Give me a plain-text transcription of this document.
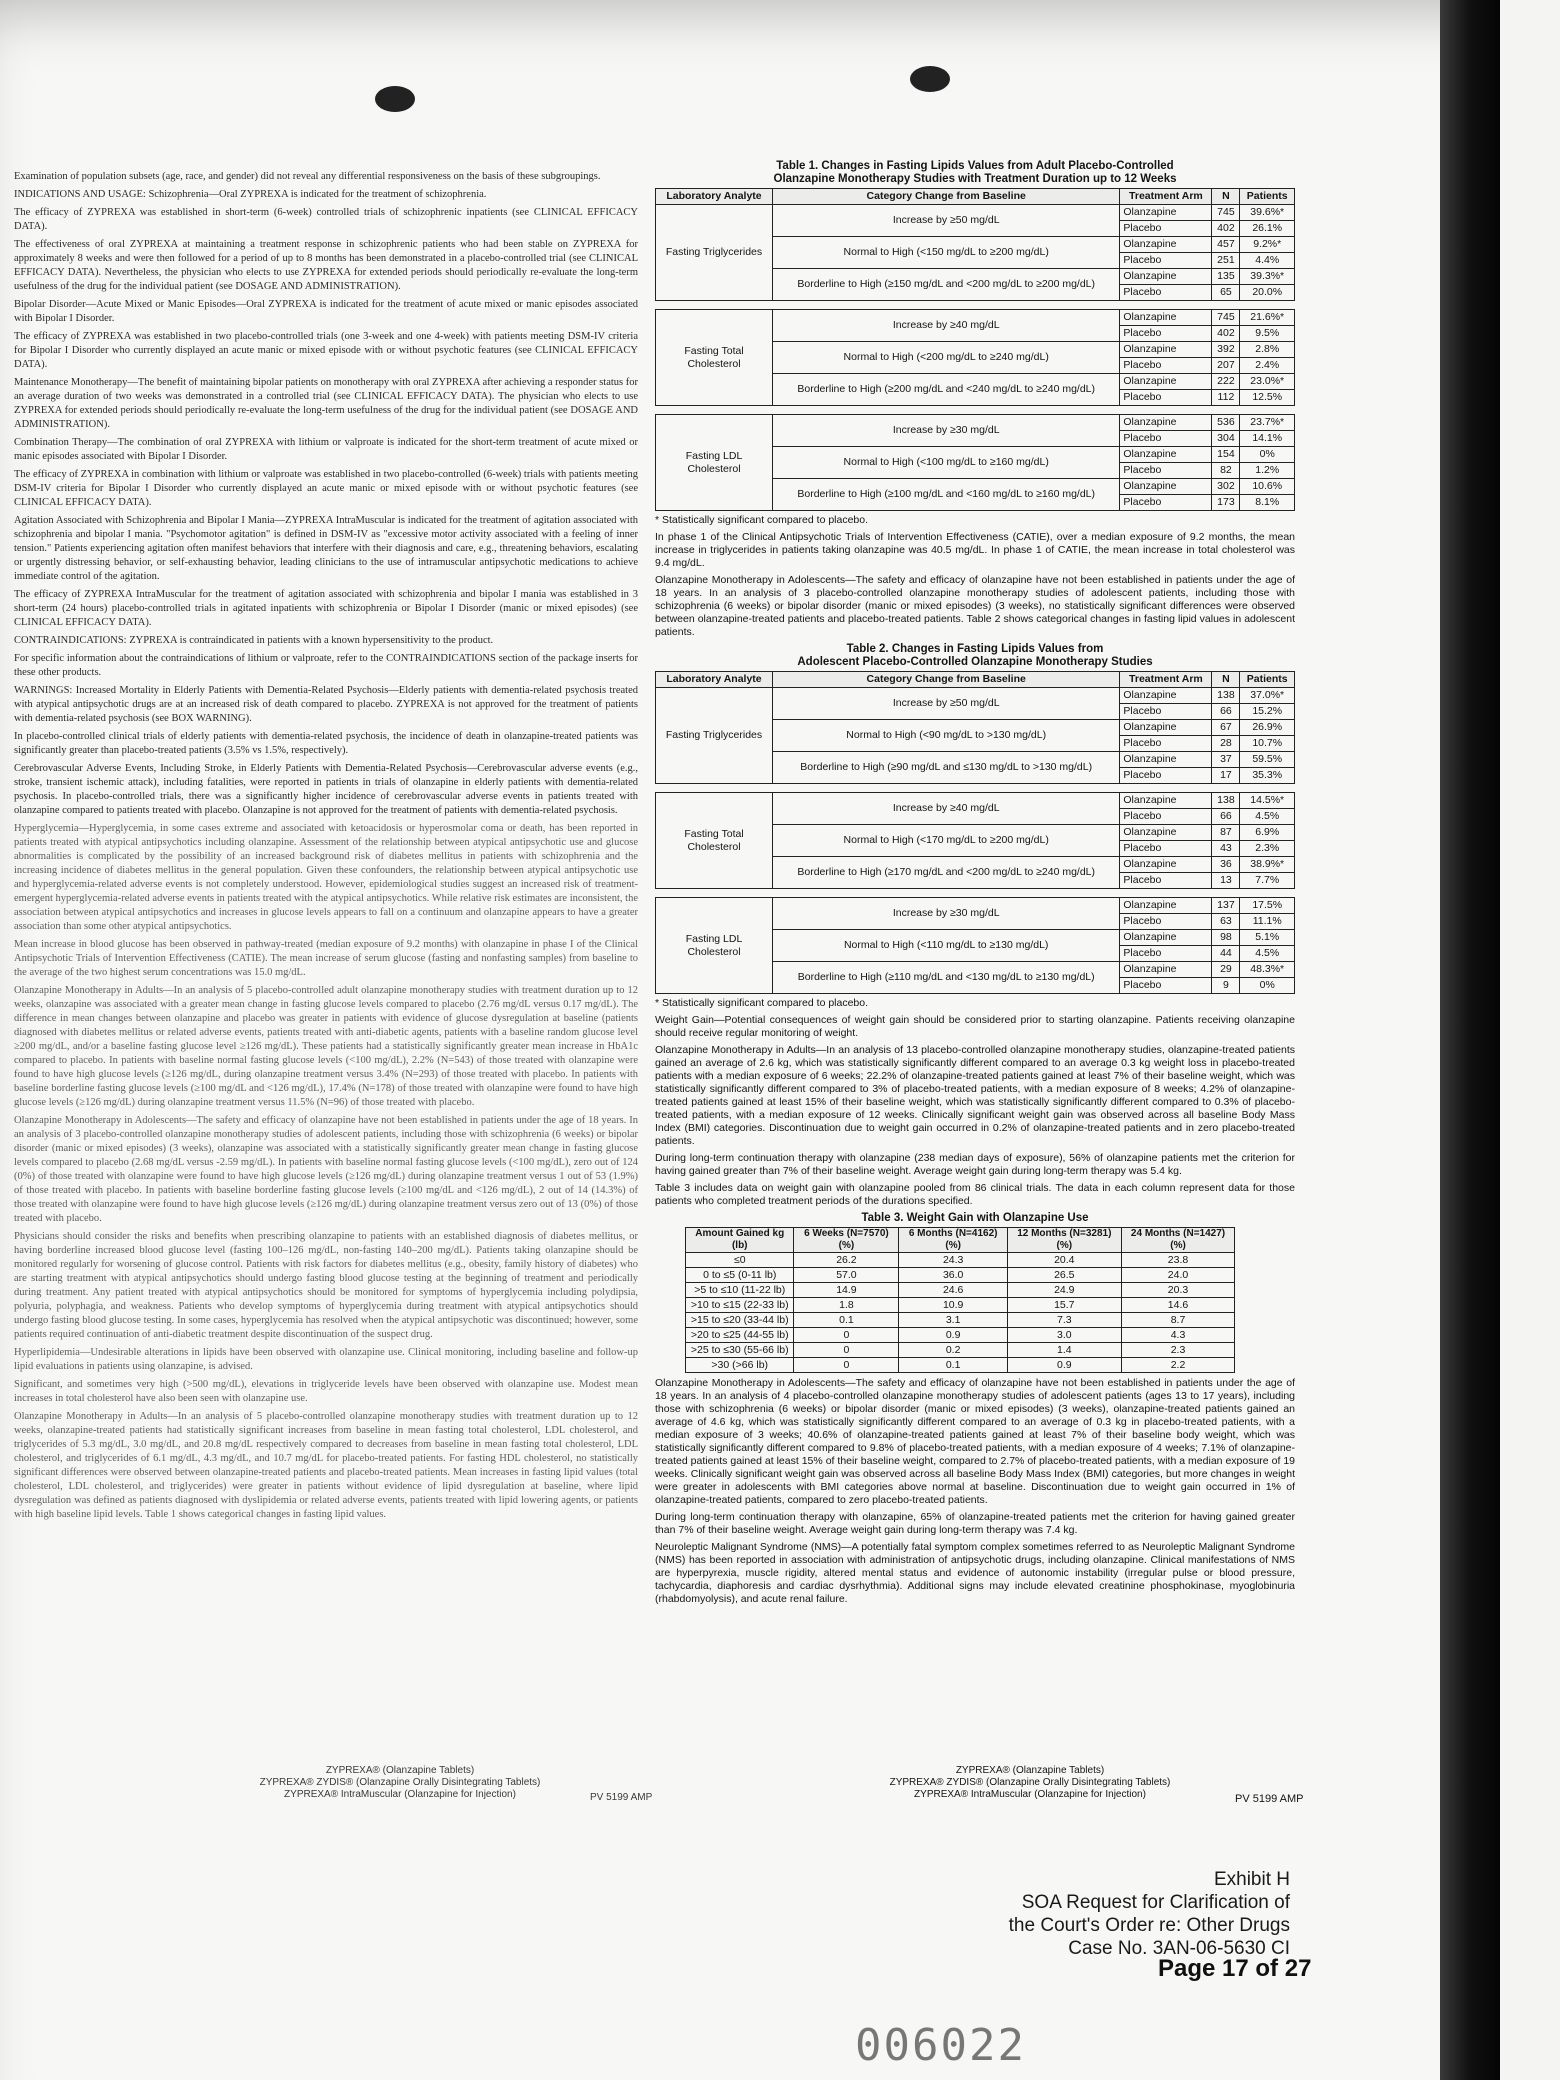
Examination of population subsets (age, race, and gender) did not reveal any differential responsiveness on the basis of these subgroupings.

INDICATIONS AND USAGE: Schizophrenia—Oral ZYPREXA is indicated for the treatment of schizophrenia.

The efficacy of ZYPREXA was established in short-term (6-week) controlled trials of schizophrenic inpatients (see CLINICAL EFFICACY DATA).

The effectiveness of oral ZYPREXA at maintaining a treatment response in schizophrenic patients who had been stable on ZYPREXA for approximately 8 weeks and were then followed for a period of up to 8 months has been demonstrated in a placebo-controlled trial (see CLINICAL EFFICACY DATA). Nevertheless, the physician who elects to use ZYPREXA for extended periods should periodically re-evaluate the long-term usefulness of the drug for the individual patient (see DOSAGE AND ADMINISTRATION).

Bipolar Disorder—Acute Mixed or Manic Episodes—Oral ZYPREXA is indicated for the treatment of acute mixed or manic episodes associated with Bipolar I Disorder.

The efficacy of ZYPREXA was established in two placebo-controlled trials (one 3-week and one 4-week) with patients meeting DSM-IV criteria for Bipolar I Disorder who currently displayed an acute manic or mixed episode with or without psychotic features (see CLINICAL EFFICACY DATA).

Maintenance Monotherapy—The benefit of maintaining bipolar patients on monotherapy with oral ZYPREXA after achieving a responder status for an average duration of two weeks was demonstrated in a controlled trial (see CLINICAL EFFICACY DATA). The physician who elects to use ZYPREXA for extended periods should periodically re-evaluate the long-term usefulness of the drug for the individual patient (see DOSAGE AND ADMINISTRATION).

Combination Therapy—The combination of oral ZYPREXA with lithium or valproate is indicated for the short-term treatment of acute mixed or manic episodes associated with Bipolar I Disorder.

The efficacy of ZYPREXA in combination with lithium or valproate was established in two placebo-controlled (6-week) trials with patients meeting DSM-IV criteria for Bipolar I Disorder who currently displayed an acute manic or mixed episode with or without psychotic features (see CLINICAL EFFICACY DATA).

Agitation Associated with Schizophrenia and Bipolar I Mania—ZYPREXA IntraMuscular is indicated for the treatment of agitation associated with schizophrenia and bipolar I mania. "Psychomotor agitation" is defined in DSM-IV as "excessive motor activity associated with a feeling of inner tension." Patients experiencing agitation often manifest behaviors that interfere with their diagnosis and care, e.g., threatening behaviors, escalating or urgently distressing behavior, or self-exhausting behavior, leading clinicians to the use of intramuscular antipsychotic medications to achieve immediate control of the agitation.

The efficacy of ZYPREXA IntraMuscular for the treatment of agitation associated with schizophrenia and bipolar I mania was established in 3 short-term (24 hours) placebo-controlled trials in agitated inpatients with schizophrenia or Bipolar I Disorder (manic or mixed episodes) (see CLINICAL EFFICACY DATA).

CONTRAINDICATIONS: ZYPREXA is contraindicated in patients with a known hypersensitivity to the product.

For specific information about the contraindications of lithium or valproate, refer to the CONTRAINDICATIONS section of the package inserts for these other products.

WARNINGS: Increased Mortality in Elderly Patients with Dementia-Related Psychosis—Elderly patients with dementia-related psychosis treated with atypical antipsychotic drugs are at an increased risk of death compared to placebo. ZYPREXA is not approved for the treatment of patients with dementia-related psychosis (see BOX WARNING).

In placebo-controlled clinical trials of elderly patients with dementia-related psychosis, the incidence of death in olanzapine-treated patients was significantly greater than placebo-treated patients (3.5% vs 1.5%, respectively).

Cerebrovascular Adverse Events, Including Stroke, in Elderly Patients with Dementia-Related Psychosis—Cerebrovascular adverse events (e.g., stroke, transient ischemic attack), including fatalities, were reported in patients in trials of olanzapine in elderly patients with dementia-related psychosis. In placebo-controlled trials, there was a significantly higher incidence of cerebrovascular adverse events in patients treated with olanzapine compared to patients treated with placebo. Olanzapine is not approved for the treatment of patients with dementia-related psychosis.

Hyperglycemia—Hyperglycemia, in some cases extreme and associated with ketoacidosis or hyperosmolar coma or death, has been reported in patients treated with atypical antipsychotics including olanzapine. Assessment of the relationship between atypical antipsychotic use and glucose abnormalities is complicated by the possibility of an increased background risk of diabetes mellitus in patients with schizophrenia and the increasing incidence of diabetes mellitus in the general population. Given these confounders, the relationship between atypical antipsychotic use and hyperglycemia-related adverse events is not completely understood. However, epidemiological studies suggest an increased risk of treatment-emergent hyperglycemia-related adverse events in patients treated with the atypical antipsychotics. While relative risk estimates are inconsistent, the association between atypical antipsychotics and increases in glucose levels appears to fall on a continuum and olanzapine appears to have a greater association than some other atypical antipsychotics.

Mean increase in blood glucose has been observed in pathway-treated (median exposure of 9.2 months) with olanzapine in phase I of the Clinical Antipsychotic Trials of Intervention Effectiveness (CATIE). The mean increase of serum glucose (fasting and nonfasting samples) from baseline to the average of the two highest serum concentrations was 15.0 mg/dL.

Olanzapine Monotherapy in Adults—In an analysis of 5 placebo-controlled adult olanzapine monotherapy studies with treatment duration up to 12 weeks, olanzapine was associated with a greater mean change in fasting glucose levels compared to placebo (2.76 mg/dL versus 0.17 mg/dL). The difference in mean changes between olanzapine and placebo was greater in patients with evidence of glucose dysregulation at baseline (patients diagnosed with diabetes mellitus or related adverse events, patients treated with anti-diabetic agents, patients with a baseline random glucose level ≥200 mg/dL, and/or a baseline fasting glucose level ≥126 mg/dL). These patients had a statistically significantly greater mean increase in HbA1c compared to placebo. In patients with baseline normal fasting glucose levels (<100 mg/dL), 2.2% (N=543) of those treated with olanzapine were found to have high glucose levels (≥126 mg/dL, during olanzapine treatment versus 3.4% (N=293) of those treated with placebo. In patients with baseline borderline fasting glucose levels (≥100 mg/dL and <126 mg/dL), 17.4% (N=178) of those treated with olanzapine were found to have high glucose levels (≥126 mg/dL) during olanzapine treatment versus 11.5% (N=96) of those treated with placebo.

Olanzapine Monotherapy in Adolescents—The safety and efficacy of olanzapine have not been established in patients under the age of 18 years. In an analysis of 3 placebo-controlled olanzapine monotherapy studies of adolescent patients, including those with schizophrenia (6 weeks) or bipolar disorder (manic or mixed episodes) (3 weeks), olanzapine was associated with a statistically significantly greater mean change in fasting glucose levels compared to placebo (2.68 mg/dL versus -2.59 mg/dL). In patients with baseline normal fasting glucose levels (<100 mg/dL), zero out of 124 (0%) of those treated with olanzapine were found to have high glucose levels (≥126 mg/dL) during olanzapine treatment versus 1 out of 53 (1.9%) of those treated with placebo. In patients with baseline borderline fasting glucose levels (≥100 mg/dL and <126 mg/dL), 2 out of 14 (14.3%) of those treated with olanzapine were found to have high glucose levels (≥126 mg/dL) during olanzapine treatment versus zero out of 13 (0%) of those treated with placebo.

Physicians should consider the risks and benefits when prescribing olanzapine to patients with an established diagnosis of diabetes mellitus, or having borderline increased blood glucose level (fasting 100–126 mg/dL, non-fasting 140–200 mg/dL). Patients taking olanzapine should be monitored regularly for worsening of glucose control. Patients with risk factors for diabetes mellitus (e.g., obesity, family history of diabetes) who are starting treatment with atypical antipsychotics should undergo fasting blood glucose testing at the beginning of treatment and periodically during treatment. Any patient treated with atypical antipsychotics should be monitored for symptoms of hyperglycemia including polydipsia, polyuria, polyphagia, and weakness. Patients who develop symptoms of hyperglycemia during treatment with atypical antipsychotics should undergo fasting blood glucose testing. In some cases, hyperglycemia has resolved when the atypical antipsychotic was discontinued; however, some patients required continuation of anti-diabetic treatment despite discontinuation of the suspect drug.

Hyperlipidemia—Undesirable alterations in lipids have been observed with olanzapine use. Clinical monitoring, including baseline and follow-up lipid evaluations in patients using olanzapine, is advised.

Significant, and sometimes very high (>500 mg/dL), elevations in triglyceride levels have been observed with olanzapine use. Modest mean increases in total cholesterol have also been seen with olanzapine use.

Olanzapine Monotherapy in Adults—In an analysis of 5 placebo-controlled olanzapine monotherapy studies with treatment duration up to 12 weeks, olanzapine-treated patients had statistically significant increases from baseline in mean fasting total cholesterol, LDL cholesterol, and triglycerides of 5.3 mg/dL, 3.0 mg/dL, and 20.8 mg/dL respectively compared to decreases from baseline in mean fasting total cholesterol, LDL cholesterol, and triglycerides of 6.1 mg/dL, 4.3 mg/dL, and 10.7 mg/dL for placebo-treated patients. For fasting HDL cholesterol, no statistically significant differences were observed between olanzapine-treated patients and placebo-treated patients. Mean increases in fasting lipid values (total cholesterol, LDL cholesterol, and triglycerides) were greater in patients without evidence of lipid dysregulation at baseline, where lipid dysregulation was defined as patients diagnosed with dyslipidemia or related adverse events, patients treated with lipid lowering agents, or patients with high baseline lipid levels. Table 1 shows categorical changes in fasting lipid values.

ZYPREXA® (Olanzapine Tablets)
ZYPREXA® ZYDIS® (Olanzapine Orally Disintegrating Tablets)
ZYPREXA® IntraMuscular (Olanzapine for Injection)	PV 5199 AMP
Table 1. Changes in Fasting Lipids Values from Adult Placebo-Controlled
Olanzapine Monotherapy Studies with Treatment Duration up to 12 Weeks
Laboratory Analyte	Category Change from Baseline	Treatment Arm	N	Patients
Fasting Triglycerides	Increase by ≥50 mg/dL	Olanzapine	745	39.6%*
		Placebo	402	26.1%
	Normal to High (<150 mg/dL to ≥200 mg/dL)	Olanzapine	457	9.2%*
		Placebo	251	4.4%
	Borderline to High (≥150 mg/dL and <200 mg/dL to ≥200 mg/dL)	Olanzapine	135	39.3%*
		Placebo	65	20.0%

Fasting Total Cholesterol	Increase by ≥40 mg/dL	Olanzapine	745	21.6%*
		Placebo	402	9.5%
	Normal to High (<200 mg/dL to ≥240 mg/dL)	Olanzapine	392	2.8%
		Placebo	207	2.4%
	Borderline to High (≥200 mg/dL and <240 mg/dL to ≥240 mg/dL)	Olanzapine	222	23.0%*
		Placebo	112	12.5%

Fasting LDL Cholesterol	Increase by ≥30 mg/dL	Olanzapine	536	23.7%*
		Placebo	304	14.1%
	Normal to High (<100 mg/dL to ≥160 mg/dL)	Olanzapine	154	0%
		Placebo	82	1.2%
	Borderline to High (≥100 mg/dL and <160 mg/dL to ≥160 mg/dL)	Olanzapine	302	10.6%
		Placebo	173	8.1%
* Statistically significant compared to placebo.
In phase 1 of the Clinical Antipsychotic Trials of Intervention Effectiveness (CATIE), over a median exposure of 9.2 months, the mean increase in triglycerides in patients taking olanzapine was 40.5 mg/dL. In phase 1 of CATIE, the mean increase in total cholesterol was 9.4 mg/dL.
Olanzapine Monotherapy in Adolescents—The safety and efficacy of olanzapine have not been established in patients under the age of 18 years. In an analysis of 3 placebo-controlled olanzapine monotherapy studies of adolescent patients, including those with schizophrenia (6 weeks) or bipolar disorder (manic or mixed episodes) (3 weeks), no statistically significant differences were observed between olanzapine-treated patients and placebo-treated patients. Table 2 shows categorical changes in fasting lipid values in adolescent patients.
Table 2. Changes in Fasting Lipids Values from
Adolescent Placebo-Controlled Olanzapine Monotherapy Studies
Laboratory Analyte	Category Change from Baseline	Treatment Arm	N	Patients
Fasting Triglycerides	Increase by ≥50 mg/dL	Olanzapine	138	37.0%*
		Placebo	66	15.2%
	Normal to High (<90 mg/dL to >130 mg/dL)	Olanzapine	67	26.9%
		Placebo	28	10.7%
	Borderline to High (≥90 mg/dL and ≤130 mg/dL to >130 mg/dL)	Olanzapine	37	59.5%
		Placebo	17	35.3%

Fasting Total Cholesterol	Increase by ≥40 mg/dL	Olanzapine	138	14.5%*
		Placebo	66	4.5%
	Normal to High (<170 mg/dL to ≥200 mg/dL)	Olanzapine	87	6.9%
		Placebo	43	2.3%
	Borderline to High (≥170 mg/dL and <200 mg/dL to ≥240 mg/dL)	Olanzapine	36	38.9%*
		Placebo	13	7.7%

Fasting LDL Cholesterol	Increase by ≥30 mg/dL	Olanzapine	137	17.5%
		Placebo	63	11.1%
	Normal to High (<110 mg/dL to ≥130 mg/dL)	Olanzapine	98	5.1%
		Placebo	44	4.5%
	Borderline to High (≥110 mg/dL and <130 mg/dL to ≥130 mg/dL)	Olanzapine	29	48.3%*
		Placebo	9	0%
* Statistically significant compared to placebo.
Weight Gain—Potential consequences of weight gain should be considered prior to starting olanzapine. Patients receiving olanzapine should receive regular monitoring of weight.
Olanzapine Monotherapy in Adults—In an analysis of 13 placebo-controlled olanzapine monotherapy studies, olanzapine-treated patients gained an average of 2.6 kg, which was statistically significantly different compared to an average 0.3 kg weight loss in placebo-treated patients with a median exposure of 6 weeks; 22.2% of olanzapine-treated patients gained at least 7% of their baseline weight, which was statistically significantly different compared to 3% of placebo-treated patients, with a median exposure of 8 weeks; 4.2% of olanzapine-treated patients gained at least 15% of their baseline weight, which was statistically significantly different compared to 0.3% of placebo-treated patients, with a median exposure of 12 weeks. Clinically significant weight gain was observed across all baseline Body Mass Index (BMI) categories. Discontinuation due to weight gain occurred in 0.2% of olanzapine-treated patients and in zero placebo-treated patients.
During long-term continuation therapy with olanzapine (238 median days of exposure), 56% of olanzapine patients met the criterion for having gained greater than 7% of their baseline weight. Average weight gain during long-term therapy was 5.4 kg.
Table 3 includes data on weight gain with olanzapine pooled from 86 clinical trials. The data in each column represent data for those patients who completed treatment periods of the durations specified.
Table 3. Weight Gain with Olanzapine Use
Amount Gained kg (lb)	6 Weeks (N=7570) (%)	6 Months (N=4162) (%)	12 Months (N=3281) (%)	24 Months (N=1427) (%)
≤0	26.2	24.3	20.4	23.8
0 to ≤5 (0-11 lb)	57.0	36.0	26.5	24.0
>5 to ≤10 (11-22 lb)	14.9	24.6	24.9	20.3
>10 to ≤15 (22-33 lb)	1.8	10.9	15.7	14.6
>15 to ≤20 (33-44 lb)	0.1	3.1	7.3	8.7
>20 to ≤25 (44-55 lb)	0	0.9	3.0	4.3
>25 to ≤30 (55-66 lb)	0	0.2	1.4	2.3
>30 (>66 lb)	0	0.1	0.9	2.2
Olanzapine Monotherapy in Adolescents—The safety and efficacy of olanzapine have not been established in patients under the age of 18 years. In an analysis of 4 placebo-controlled olanzapine monotherapy studies of adolescent patients (ages 13 to 17 years), including those with schizophrenia (6 weeks) or bipolar disorder (manic or mixed episodes) (3 weeks), olanzapine-treated patients gained an average of 4.6 kg, which was statistically significantly different compared to an average of 0.3 kg in placebo-treated patients, with a median exposure of 3 weeks; 40.6% of olanzapine-treated patients gained at least 7% of their baseline body weight, which was statistically significantly different compared to 9.8% of placebo-treated patients, with a median exposure of 4 weeks; 7.1% of olanzapine-treated patients gained at least 15% of their baseline weight, compared to 2.7% of placebo-treated patients, with a median exposure of 19 weeks. Clinically significant weight gain was observed across all baseline Body Mass Index (BMI) categories, but more changes in weight were greater in adolescents with BMI categories above normal at baseline. Discontinuation due to weight gain occurred in 1% of olanzapine-treated patients, compared to zero placebo-treated patients.
During long-term continuation therapy with olanzapine, 65% of olanzapine-treated patients met the criterion for having gained greater than 7% of their baseline weight. Average weight gain during long-term therapy was 7.4 kg.
Neuroleptic Malignant Syndrome (NMS)—A potentially fatal symptom complex sometimes referred to as Neuroleptic Malignant Syndrome (NMS) has been reported in association with administration of antipsychotic drugs, including olanzapine. Clinical manifestations of NMS are hyperpyrexia, muscle rigidity, altered mental status and evidence of autonomic instability (irregular pulse or blood pressure, tachycardia, diaphoresis and cardiac dysrhythmia). Additional signs may include elevated creatinine phosphokinase, myoglobinuria (rhabdomyolysis), and acute renal failure.
ZYPREXA® (Olanzapine Tablets)
ZYPREXA® ZYDIS® (Olanzapine Orally Disintegrating Tablets)
ZYPREXA® IntraMuscular (Olanzapine for Injection)	PV 5199 AMP
Exhibit H
SOA Request for Clarification of
the Court's Order re: Other Drugs
Case No. 3AN-06-5630 CI
Page 17 of 27
006022
